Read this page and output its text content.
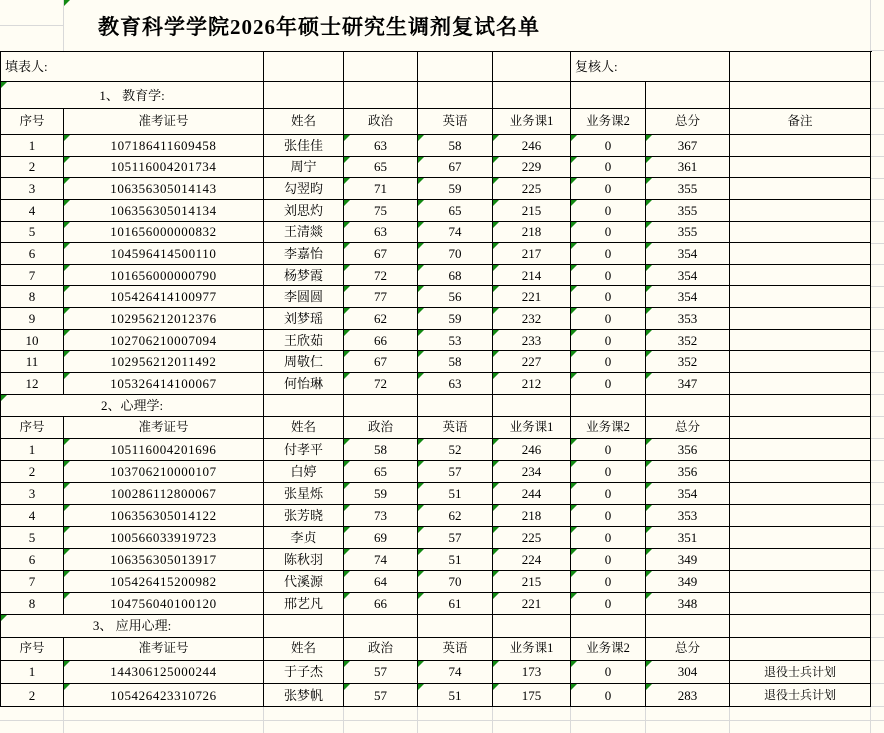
教育科学学院2026年硕士研究生调剂复试名单
填表人:	复核人:
1、 教育学:
序号	准考证号	姓名	政治	英语	业务课1	业务课2	总分	备注
1	107186411609458	张佳佳	63	58	246	0	367
2	105116004201734	周宁	65	67	229	0	361
3	106356305014143	勾翌昀	71	59	225	0	355
4	106356305014134	刘思灼	75	65	215	0	355
5	101656000000832	王清燚	63	74	218	0	355
6	104596414500110	李嘉怡	67	70	217	0	354
7	101656000000790	杨梦霞	72	68	214	0	354
8	105426414100977	李圆圆	77	56	221	0	354
9	102956212012376	刘梦瑶	62	59	232	0	353
10	102706210007094	王欣茹	66	53	233	0	352
11	102956212011492	周敬仁	67	58	227	0	352
12	105326414100067	何怡琳	72	63	212	0	347
2、心理学:
序号	准考证号	姓名	政治	英语	业务课1	业务课2	总分
1	105116004201696	付孝平	58	52	246	0	356
2	103706210000107	白婷	65	57	234	0	356
3	100286112800067	张星烁	59	51	244	0	354
4	106356305014122	张芳晓	73	62	218	0	353
5	100566033919723	李贞	69	57	225	0	351
6	106356305013917	陈秋羽	74	51	224	0	349
7	105426415200982	代溪源	64	70	215	0	349
8	104756040100120	邢艺凡	66	61	221	0	348
3、 应用心理:
序号	准考证号	姓名	政治	英语	业务课1	业务课2	总分
1	144306125000244	于子杰	57	74	173	0	304	退役士兵计划
2	105426423310726	张梦帆	57	51	175	0	283	退役士兵计划
